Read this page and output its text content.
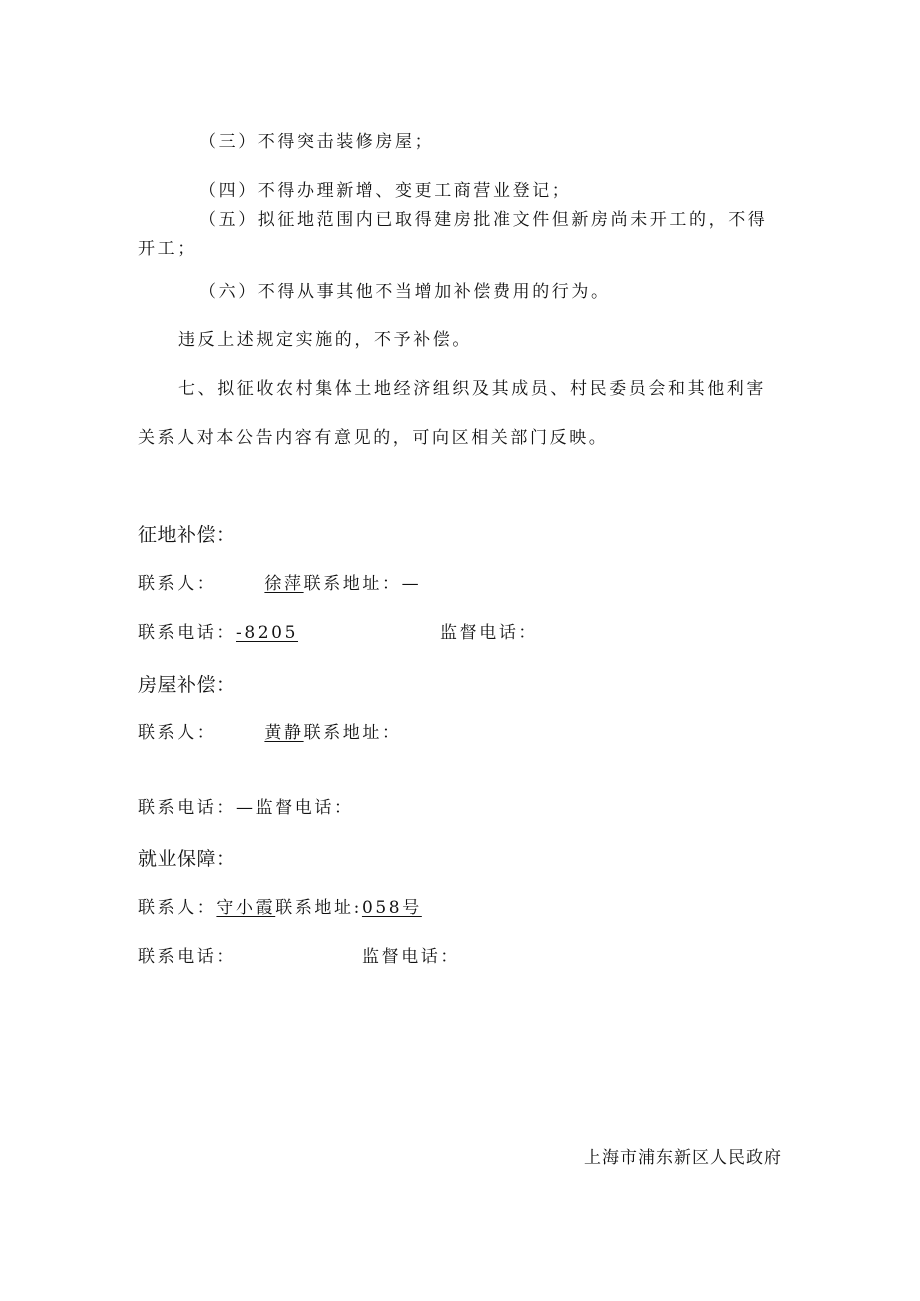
（三）不得突击装修房屋；
（四）不得办理新增、变更工商营业登记；
（五）拟征地范围内已取得建房批准文件但新房尚未开工的，不得
开工；
（六）不得从事其他不当增加补偿费用的行为。
违反上述规定实施的，不予补偿。
七、拟征收农村集体土地经济组织及其成员、村民委员会和其他利害
关系人对本公告内容有意见的，可向区相关部门反映。
征地补偿：
联系人：	徐萍联系地址：—
联系电话：-8205	监督电话：
房屋补偿：
联系人：	黄静联系地址：
联系电话：—监督电话：
就业保障：
联系人：守小霞联系地址:058号
联系电话：	监督电话：
上海市浦东新区人民政府
